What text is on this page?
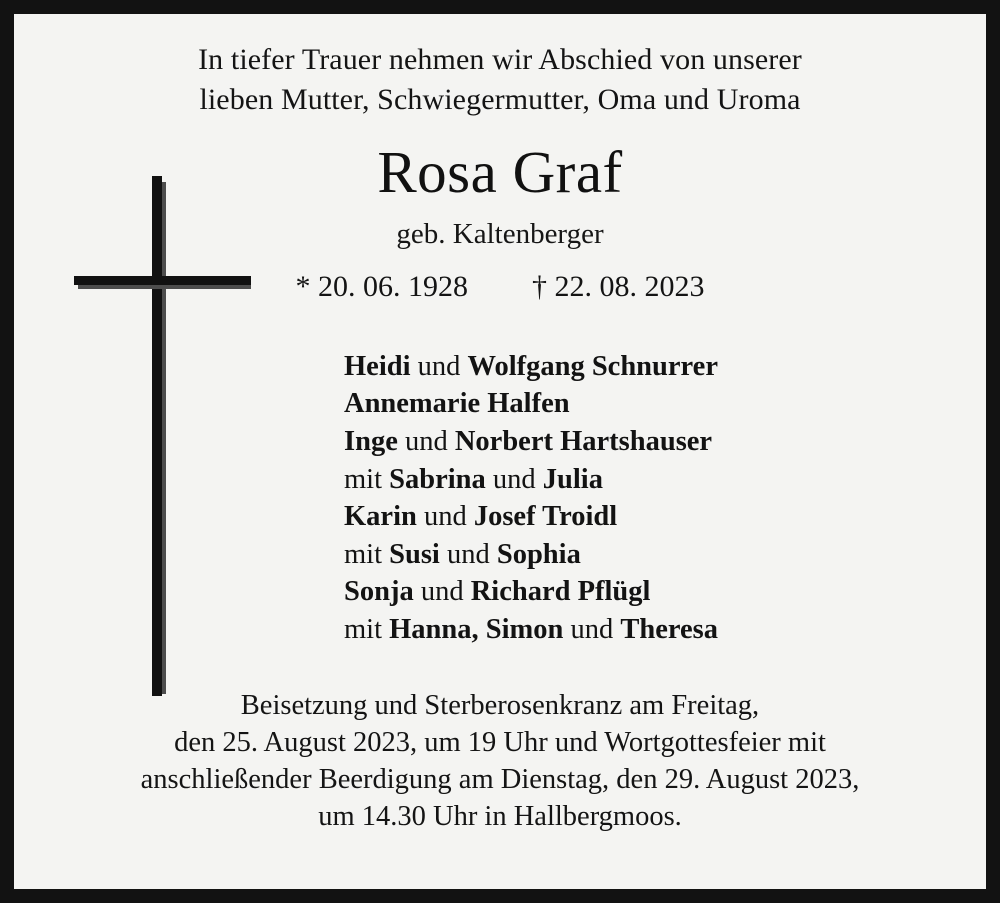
In tiefer Trauer nehmen wir Abschied von unserer
lieben Mutter, Schwiegermutter, Oma und Uroma
Rosa Graf
geb. Kaltenberger
* 20. 06. 1928 † 22. 08. 2023
Heidi und Wolfgang Schnurrer
Annemarie Halfen
Inge und Norbert Hartshauser
mit Sabrina und Julia
Karin und Josef Troidl
mit Susi und Sophia
Sonja und Richard Pflügl
mit Hanna, Simon und Theresa
Beisetzung und Sterberosenkranz am Freitag,
den 25. August 2023, um 19 Uhr und Wortgottesfeier mit
anschließender Beerdigung am Dienstag, den 29. August 2023,
um 14.30 Uhr in Hallbergmoos.
